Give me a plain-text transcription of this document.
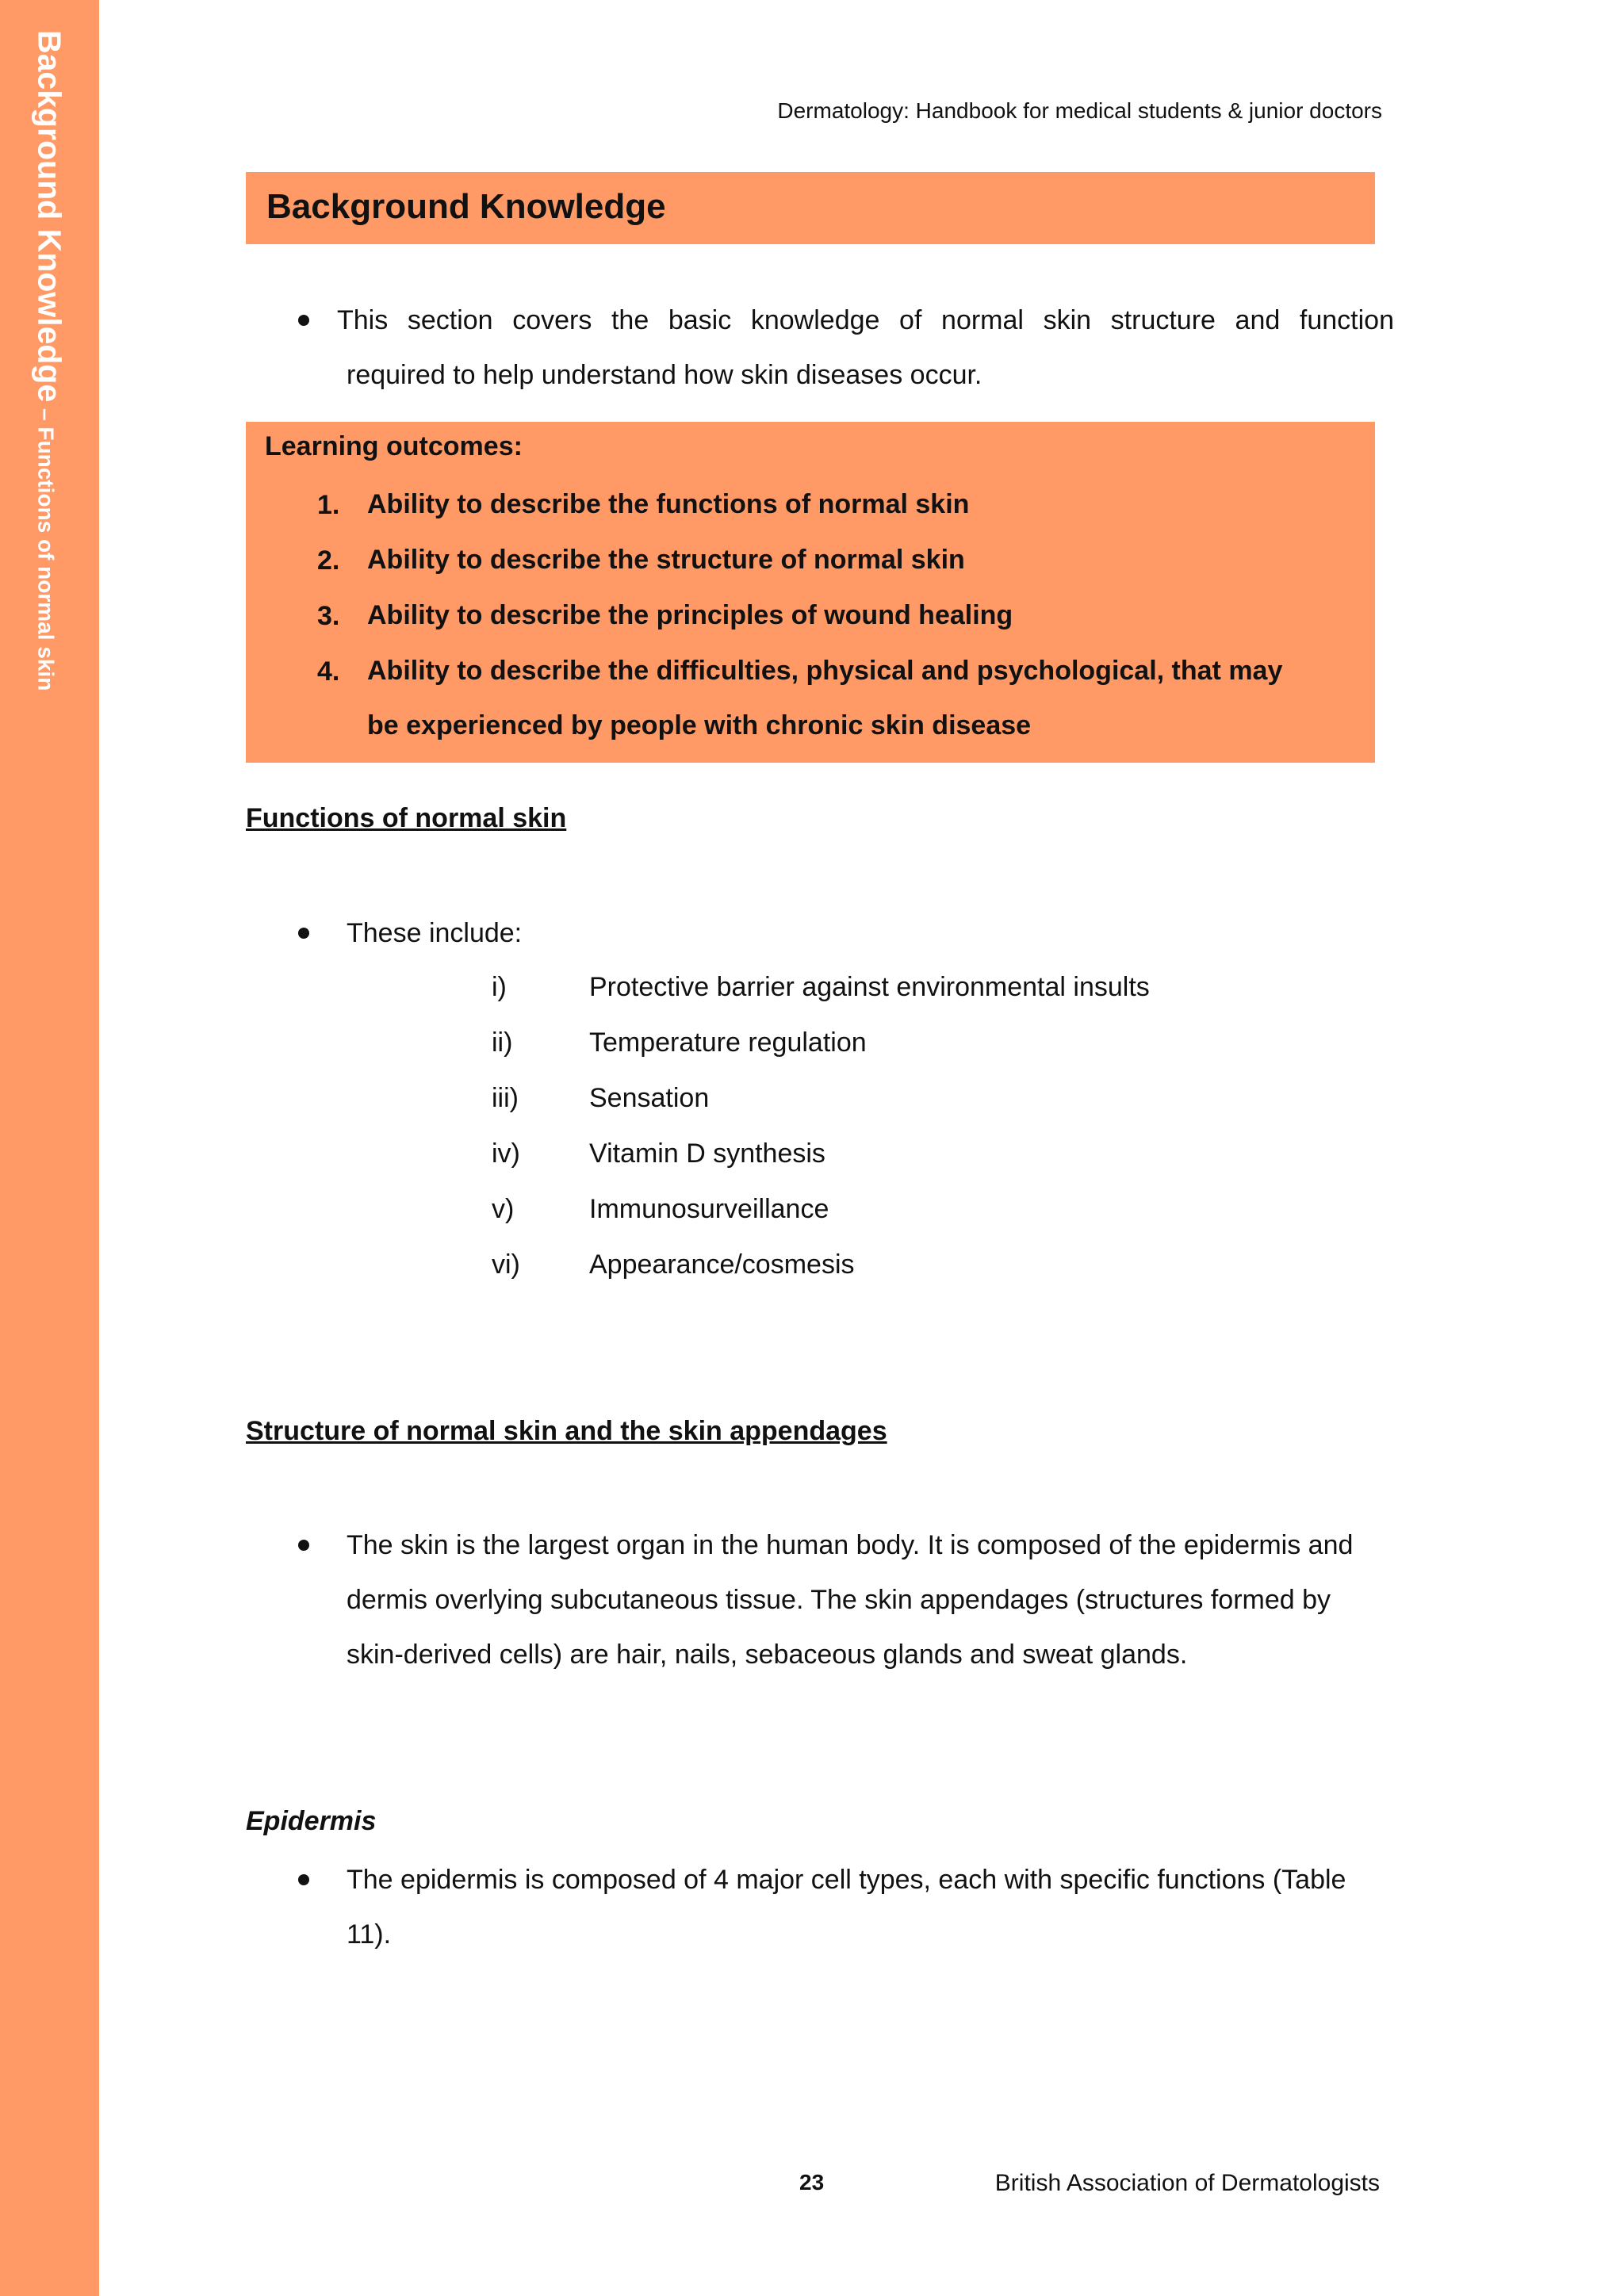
Background Knowledge – Functions of normal skin
Dermatology: Handbook for medical students & junior doctors
Background Knowledge
This section covers the basic knowledge of normal skin structure and function
required to help understand how skin diseases occur.
Learning outcomes:
1. Ability to describe the functions of normal skin
2. Ability to describe the structure of normal skin
3. Ability to describe the principles of wound healing
4. Ability to describe the difficulties, physical and psychological, that may be experienced by people with chronic skin disease
Functions of normal skin
These include:
i)	Protective barrier against environmental insults
ii)	Temperature regulation
iii)	Sensation
iv)	Vitamin D synthesis
v)	Immunosurveillance
vi)	Appearance/cosmesis
Structure of normal skin and the skin appendages
The skin is the largest organ in the human body. It is composed of the epidermis and dermis overlying subcutaneous tissue. The skin appendages (structures formed by skin-derived cells) are hair, nails, sebaceous glands and sweat glands.
Epidermis
The epidermis is composed of 4 major cell types, each with specific functions (Table 11).
23	British Association of Dermatologists
